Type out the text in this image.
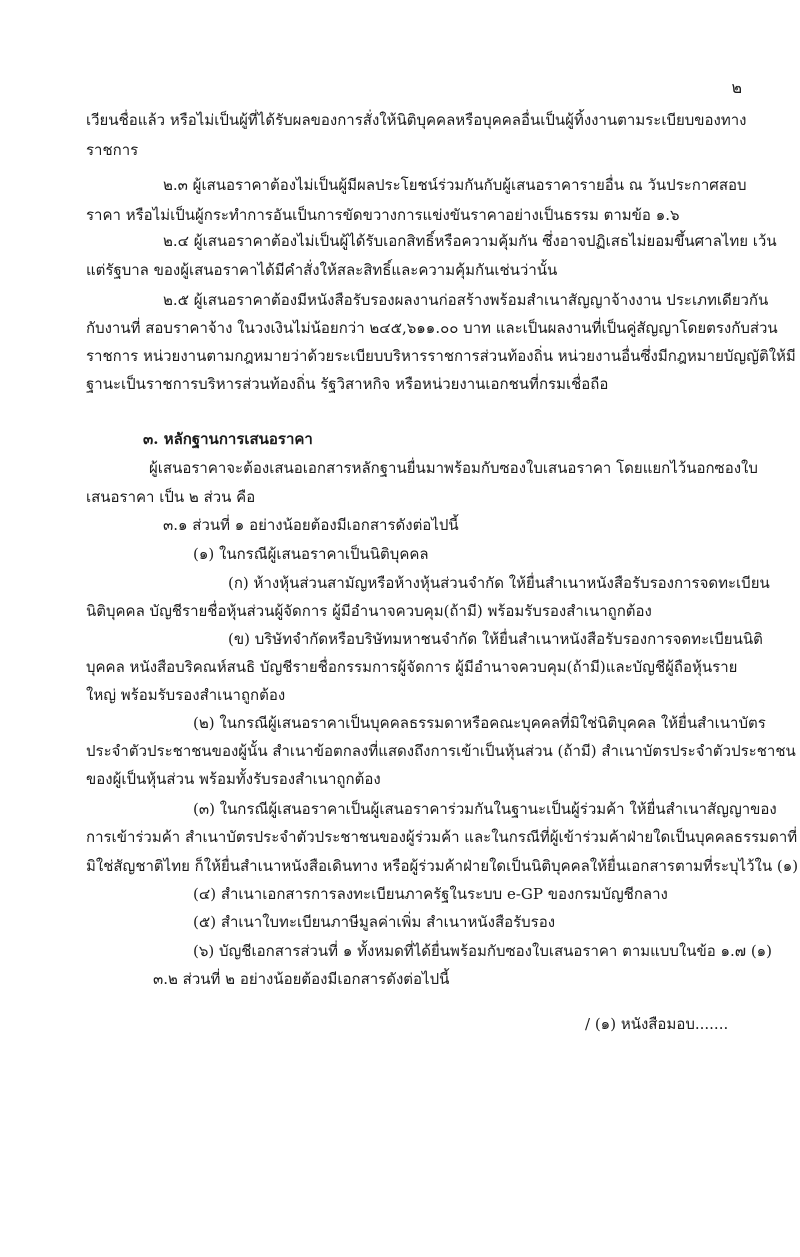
๒
เวียนชื่อแล้ว หรือไม่เป็นผู้ที่ได้รับผลของการสั่งให้นิติบุคคลหรือบุคคลอื่นเป็นผู้ทิ้งงานตามระเบียบของทาง
ราชการ
๒.๓ ผู้เสนอราคาต้องไม่เป็นผู้มีผลประโยชน์ร่วมกันกับผู้เสนอราคารายอื่น ณ วันประกาศสอบ
ราคา หรือไม่เป็นผู้กระทำการอันเป็นการขัดขวางการแข่งขันราคาอย่างเป็นธรรม ตามข้อ ๑.๖
๒.๔ ผู้เสนอราคาต้องไม่เป็นผู้ได้รับเอกสิทธิ์หรือความคุ้มกัน ซึ่งอาจปฏิเสธไม่ยอมขึ้นศาลไทย เว้น
แต่รัฐบาล ของผู้เสนอราคาได้มีคำสั่งให้สละสิทธิ์และความคุ้มกันเช่นว่านั้น
๒.๕ ผู้เสนอราคาต้องมีหนังสือรับรองผลงานก่อสร้างพร้อมสำเนาสัญญาจ้างงาน ประเภทเดียวกัน
กับงานที่ สอบราคาจ้าง ในวงเงินไม่น้อยกว่า ๒๔๕,๖๑๑.๐๐ บาท และเป็นผลงานที่เป็นคู่สัญญาโดยตรงกับส่วน
ราชการ หน่วยงานตามกฎหมายว่าด้วยระเบียบบริหารราชการส่วนท้องถิ่น หน่วยงานอื่นซึ่งมีกฎหมายบัญญัติให้มี
ฐานะเป็นราชการบริหารส่วนท้องถิ่น รัฐวิสาหกิจ หรือหน่วยงานเอกชนที่กรมเชื่อถือ
๓. หลักฐานการเสนอราคา
ผู้เสนอราคาจะต้องเสนอเอกสารหลักฐานยื่นมาพร้อมกับซองใบเสนอราคา โดยแยกไว้นอกซองใบ
เสนอราคา เป็น ๒ ส่วน คือ
๓.๑ ส่วนที่ ๑ อย่างน้อยต้องมีเอกสารดังต่อไปนี้
(๑) ในกรณีผู้เสนอราคาเป็นนิติบุคคล
(ก) ห้างหุ้นส่วนสามัญหรือห้างหุ้นส่วนจำกัด ให้ยื่นสำเนาหนังสือรับรองการจดทะเบียน
นิติบุคคล บัญชีรายชื่อหุ้นส่วนผู้จัดการ ผู้มีอำนาจควบคุม(ถ้ามี) พร้อมรับรองสำเนาถูกต้อง
(ข) บริษัทจำกัดหรือบริษัทมหาชนจำกัด ให้ยื่นสำเนาหนังสือรับรองการจดทะเบียนนิติ
บุคคล หนังสือบริคณห์สนธิ บัญชีรายชื่อกรรมการผู้จัดการ ผู้มีอำนาจควบคุม(ถ้ามี)และบัญชีผู้ถือหุ้นราย
ใหญ่ พร้อมรับรองสำเนาถูกต้อง
(๒) ในกรณีผู้เสนอราคาเป็นบุคคลธรรมดาหรือคณะบุคคลที่มิใช่นิติบุคคล ให้ยื่นสำเนาบัตร
ประจำตัวประชาชนของผู้นั้น สำเนาข้อตกลงที่แสดงถึงการเข้าเป็นหุ้นส่วน (ถ้ามี) สำเนาบัตรประจำตัวประชาชน
ของผู้เป็นหุ้นส่วน พร้อมทั้งรับรองสำเนาถูกต้อง
(๓) ในกรณีผู้เสนอราคาเป็นผู้เสนอราคาร่วมกันในฐานะเป็นผู้ร่วมค้า ให้ยื่นสำเนาสัญญาของ
การเข้าร่วมค้า สำเนาบัตรประจำตัวประชาชนของผู้ร่วมค้า และในกรณีที่ผู้เข้าร่วมค้าฝ่ายใดเป็นบุคคลธรรมดาที่
มิใช่สัญชาติไทย ก็ให้ยื่นสำเนาหนังสือเดินทาง หรือผู้ร่วมค้าฝ่ายใดเป็นนิติบุคคลให้ยื่นเอกสารตามที่ระบุไว้ใน (๑)
(๔) สำเนาเอกสารการลงทะเบียนภาครัฐในระบบ e-GP ของกรมบัญชีกลาง
(๕) สำเนาใบทะเบียนภาษีมูลค่าเพิ่ม สำเนาหนังสือรับรอง
(๖) บัญชีเอกสารส่วนที่ ๑ ทั้งหมดที่ได้ยื่นพร้อมกับซองใบเสนอราคา ตามแบบในข้อ ๑.๗ (๑)
๓.๒ ส่วนที่ ๒ อย่างน้อยต้องมีเอกสารดังต่อไปนี้
/ (๑) หนังสือมอบ.......
